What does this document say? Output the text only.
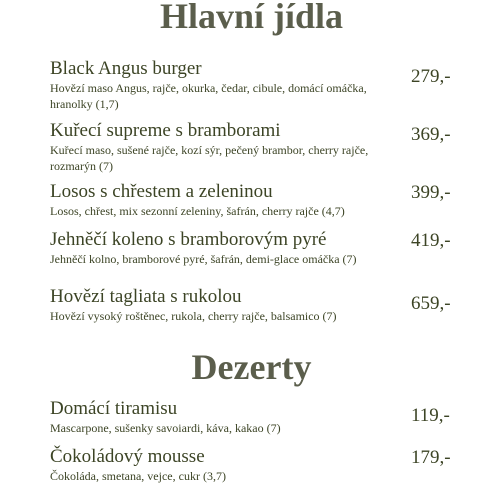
Hlavní jídla
Black Angus burger
Hovězí maso Angus, rajče, okurka, čedar, cibule, domácí omáčka, hranolky (1,7)
279,-
Kuřecí supreme s bramborami
Kuřecí maso, sušené rajče, kozí sýr, pečený brambor, cherry rajče, rozmarýn (7)
369,-
Losos s chřestem a zeleninou
Losos, chřest, mix sezonní zeleniny, šafrán, cherry rajče (4,7)
399,-
Jehněčí koleno s bramborovým pyré
Jehněčí kolno, bramborové pyré, šafrán, demi-glace omáčka (7)
419,-
Hovězí tagliata s rukolou
Hovězí vysoký roštěnec, rukola, cherry rajče, balsamico (7)
659,-
Dezerty
Domácí tiramisu
Mascarpone, sušenky savoiardi, káva, kakao (7)
119,-
Čokoládový mousse
Čokoláda, smetana, vejce, cukr (3,7)
179,-
